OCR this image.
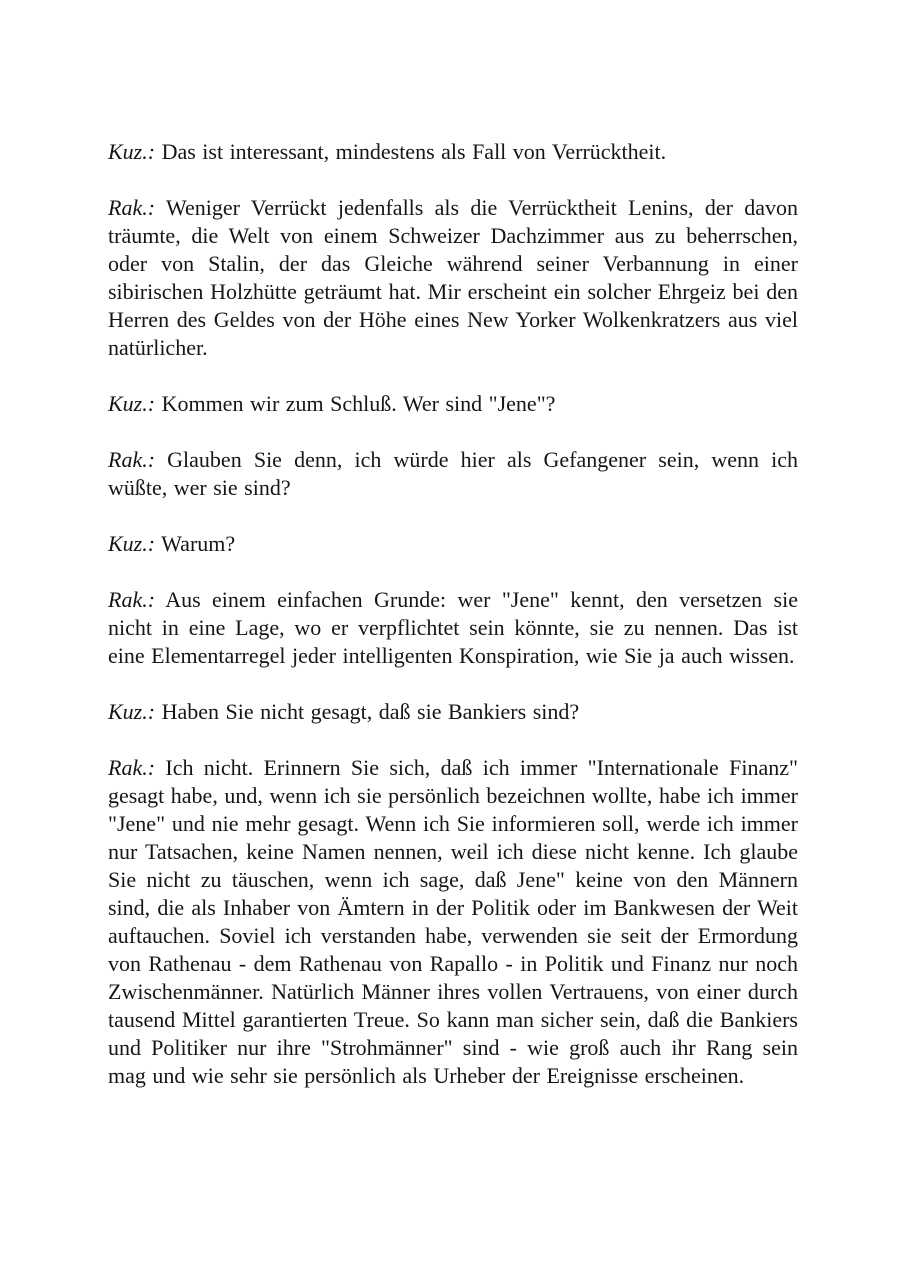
Kuz.: Das ist interessant, mindestens als Fall von Verrücktheit.

Rak.: Weniger Verrückt jedenfalls als die Verrücktheit Lenins, der davon träumte, die Welt von einem Schweizer Dachzimmer aus zu beherrschen, oder von Stalin, der das Gleiche während seiner Verbannung in einer sibirischen Holzhütte geträumt hat. Mir erscheint ein solcher Ehrgeiz bei den Herren des Geldes von der Höhe eines New Yorker Wolkenkratzers aus viel natürlicher.

Kuz.: Kommen wir zum Schluß. Wer sind "Jene"?

Rak.: Glauben Sie denn, ich würde hier als Gefangener sein, wenn ich wüßte, wer sie sind?

Kuz.: Warum?

Rak.: Aus einem einfachen Grunde: wer "Jene" kennt, den versetzen sie nicht in eine Lage, wo er verpflichtet sein könnte, sie zu nennen. Das ist eine Elementarregel jeder intelligenten Konspiration, wie Sie ja auch wissen.

Kuz.: Haben Sie nicht gesagt, daß sie Bankiers sind?

Rak.: Ich nicht. Erinnern Sie sich, daß ich immer "Internationale Finanz" gesagt habe, und, wenn ich sie persönlich bezeichnen wollte, habe ich immer "Jene" und nie mehr gesagt. Wenn ich Sie informieren soll, werde ich immer nur Tatsachen, keine Namen nennen, weil ich diese nicht kenne. Ich glaube Sie nicht zu täuschen, wenn ich sage, daß Jene" keine von den Männern sind, die als Inhaber von Ämtern in der Politik oder im Bankwesen der Weit auftauchen. Soviel ich verstanden habe, verwenden sie seit der Ermordung von Rathenau - dem Rathenau von Rapallo - in Politik und Finanz nur noch Zwischenmänner. Natürlich Männer ihres vollen Vertrauens, von einer durch tausend Mittel garantierten Treue. So kann man sicher sein, daß die Bankiers und Politiker nur ihre "Strohmänner" sind - wie groß auch ihr Rang sein mag und wie sehr sie persönlich als Urheber der Ereignisse erscheinen.
